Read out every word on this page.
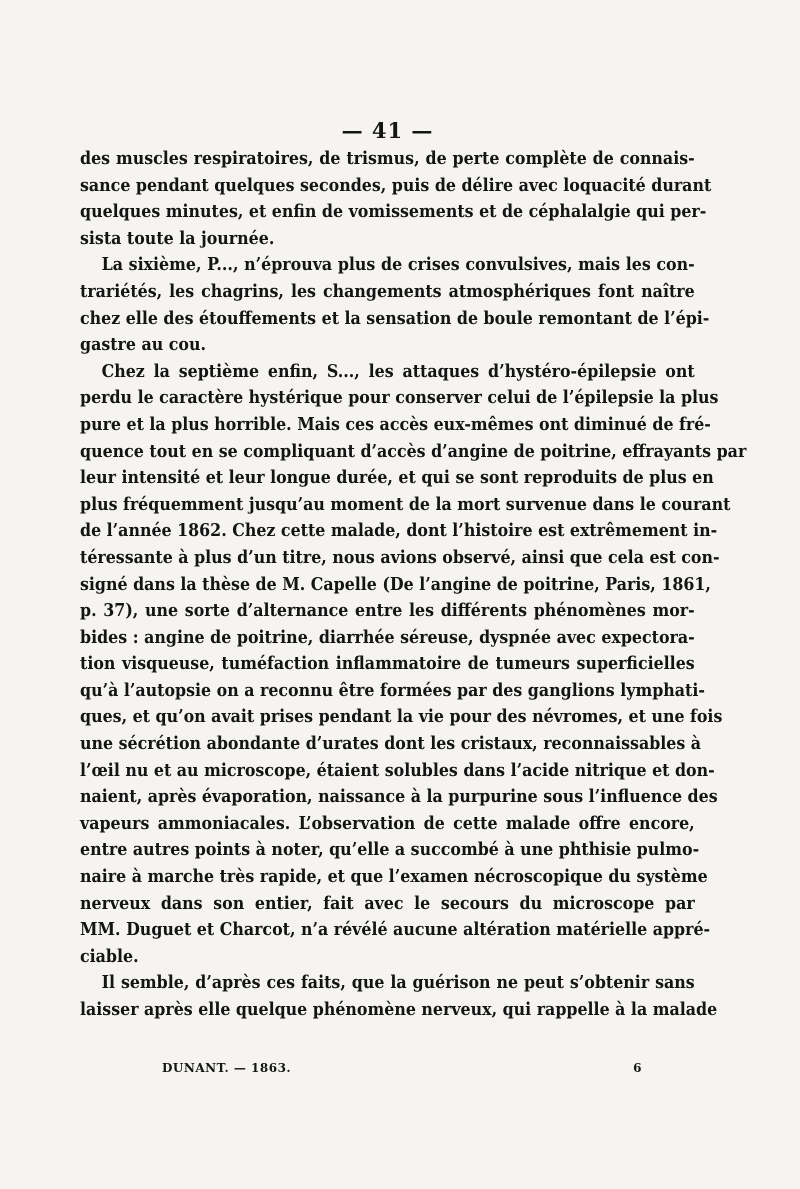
— 41 —
des muscles respiratoires, de trismus, de perte complète de connais-
sance pendant quelques secondes, puis de délire avec loquacité durant
quelques minutes, et enfin de vomissements et de céphalalgie qui per-
sista toute la journée.
La sixième, P..., n’éprouva plus de crises convulsives, mais les con-
trariétés, les chagrins, les changements atmosphériques font naître
chez elle des étouffements et la sensation de boule remontant de l’épi-
gastre au cou.
Chez la septième enfin, S..., les attaques d’hystéro-épilepsie ont
perdu le caractère hystérique pour conserver celui de l’épilepsie la plus
pure et la plus horrible. Mais ces accès eux-mêmes ont diminué de fré-
quence tout en se compliquant d’accès d’angine de poitrine, effrayants par
leur intensité et leur longue durée, et qui se sont reproduits de plus en
plus fréquemment jusqu’au moment de la mort survenue dans le courant
de l’année 1862. Chez cette malade, dont l’histoire est extrêmement in-
téressante à plus d’un titre, nous avions observé, ainsi que cela est con-
signé dans la thèse de M. Capelle (De l’angine de poitrine, Paris, 1861,
p. 37), une sorte d’alternance entre les différents phénomènes mor-
bides : angine de poitrine, diarrhée séreuse, dyspnée avec expectora-
tion visqueuse, tuméfaction inflammatoire de tumeurs superficielles
qu’à l’autopsie on a reconnu être formées par des ganglions lymphati-
ques, et qu’on avait prises pendant la vie pour des névromes, et une fois
une sécrétion abondante d’urates dont les cristaux, reconnaissables à
l’œil nu et au microscope, étaient solubles dans l’acide nitrique et don-
naient, après évaporation, naissance à la purpurine sous l’influence des
vapeurs ammoniacales. L’observation de cette malade offre encore,
entre autres points à noter, qu’elle a succombé à une phthisie pulmo-
naire à marche très rapide, et que l’examen nécroscopique du système
nerveux dans son entier, fait avec le secours du microscope par
MM. Duguet et Charcot, n’a révélé aucune altération matérielle appré-
ciable.
Il semble, d’après ces faits, que la guérison ne peut s’obtenir sans
laisser après elle quelque phénomène nerveux, qui rappelle à la malade
DUNANT. — 1863.	6
